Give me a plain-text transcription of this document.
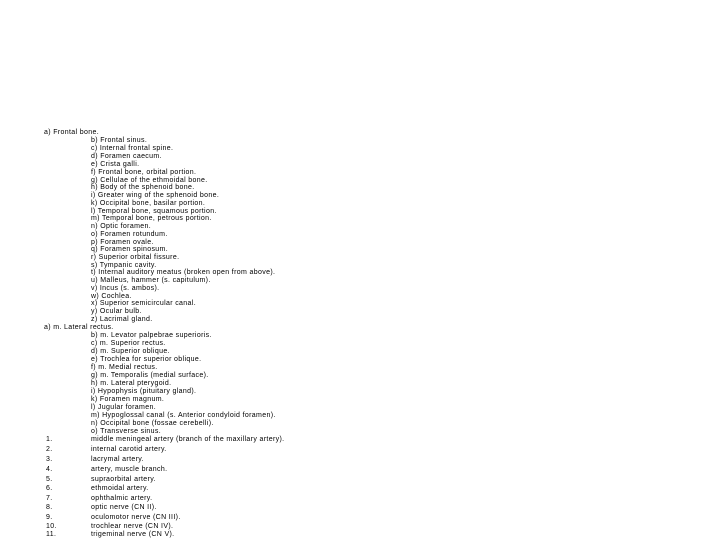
a) Frontal bone.
b) Frontal sinus.
c) Internal frontal spine.
d) Foramen caecum.
e) Crista galli.
f) Frontal bone, orbital portion.
g) Cellulae of the ethmoidal bone.
h) Body of the sphenoid bone.
i) Greater wing of the sphenoid bone.
k) Occipital bone, basilar portion.
l) Temporal bone, squamous portion.
m) Temporal bone, petrous portion.
n) Optic foramen.
o) Foramen rotundum.
p) Foramen ovale.
q) Foramen spinosum.
r) Superior orbital fissure.
s) Tympanic cavity.
t) Internal auditory meatus (broken open from above).
u) Malleus, hammer (s. capitulum).
v) Incus (s. ambos).
w) Cochlea.
x) Superior semicircular canal.
y) Ocular bulb.
z) Lacrimal gland.
a) m. Lateral rectus.
b) m. Levator palpebrae superioris.
c) m. Superior rectus.
d) m. Superior oblique.
e) Trochlea for superior oblique.
f) m. Medial rectus.
g) m. Temporalis (medial surface).
h) m. Lateral pterygoid.
i) Hypophysis (pituitary gland).
k) Foramen magnum.
l) Jugular foramen.
m) Hypoglossal canal (s. Anterior condyloid foramen).
n) Occipital bone (fossae cerebelli).
o) Transverse sinus.
1.	middle meningeal artery (branch of the maxillary artery).
2.	internal carotid artery.
3.	lacrymal artery.
4.	artery, muscle branch.
5.	supraorbital artery.
6.	ethmoidal artery.
7.	ophthalmic artery.
8.	optic nerve (CN II).
9.	oculomotor nerve (CN III).
10.	trochlear nerve (CN IV).
11.	trigeminal nerve (CN V).
